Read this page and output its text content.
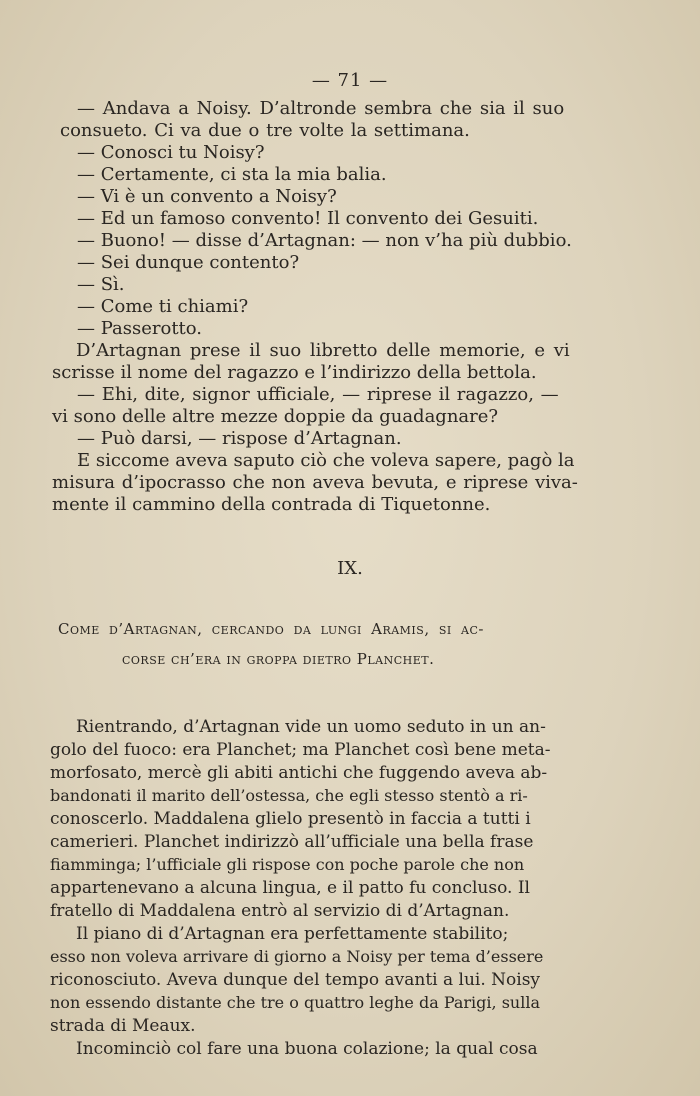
— 71 —
— Andava a Noisy. D’altronde sembra che sia il suo
consueto. Ci va due o tre volte la settimana.
— Conosci tu Noisy?
— Certamente, ci sta la mia balia.
— Vi è un convento a Noisy?
— Ed un famoso convento! Il convento dei Gesuiti.
— Buono! — disse d’Artagnan: — non v’ha più dubbio.
— Sei dunque contento?
— Sì.
— Come ti chiami?
— Passerotto.
D’Artagnan prese il suo libretto delle memorie, e vi
scrisse il nome del ragazzo e l’indirizzo della bettola.
— Ehi, dite, signor ufficiale, — riprese il ragazzo, —
vi sono delle altre mezze doppie da guadagnare?
— Può darsi, — rispose d’Artagnan.
E siccome aveva saputo ciò che voleva sapere, pagò la
misura d’ipocrasso che non aveva bevuta, e riprese viva-
mente il cammino della contrada di Tiquetonne.
IX.
Come d’Artagnan, cercando da lungi Aramis, si ac-
corse ch’era in groppa dietro Planchet.
Rientrando, d’Artagnan vide un uomo seduto in un an-
golo del fuoco: era Planchet; ma Planchet così bene meta-
morfosato, mercè gli abiti antichi che fuggendo aveva ab-
bandonati il marito dell’ostessa, che egli stesso stentò a ri-
conoscerlo. Maddalena glielo presentò in faccia a tutti i
camerieri. Planchet indirizzò all’ufficiale una bella frase
fiamminga; l’ufficiale gli rispose con poche parole che non
appartenevano a alcuna lingua, e il patto fu concluso. Il
fratello di Maddalena entrò al servizio di d’Artagnan.
Il piano di d’Artagnan era perfettamente stabilito;
esso non voleva arrivare di giorno a Noisy per tema d’essere
riconosciuto. Aveva dunque del tempo avanti a lui. Noisy
non essendo distante che tre o quattro leghe da Parigi, sulla
strada di Meaux.
Incominciò col fare una buona colazione; la qual cosa
